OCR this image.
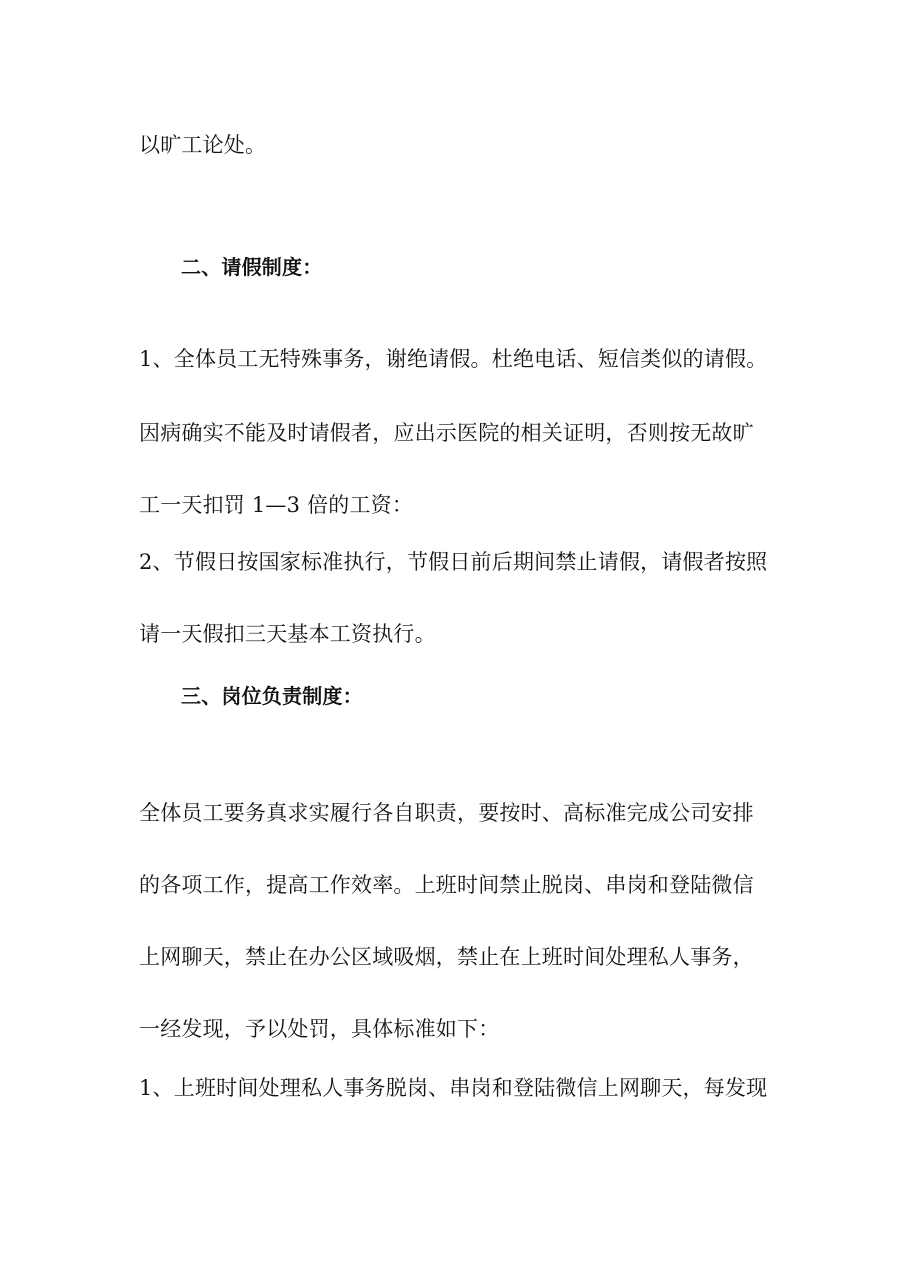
以旷工论处。
二、请假制度：
1、全体员工无特殊事务，谢绝请假。杜绝电话、短信类似的请假。
因病确实不能及时请假者，应出示医院的相关证明，否则按无故旷
工一天扣罚 1—3 倍的工资：
2、节假日按国家标准执行，节假日前后期间禁止请假，请假者按照
请一天假扣三天基本工资执行。
三、岗位负责制度：
全体员工要务真求实履行各自职责，要按时、高标准完成公司安排
的各项工作，提高工作效率。上班时间禁止脱岗、串岗和登陆微信
上网聊天，禁止在办公区域吸烟，禁止在上班时间处理私人事务，
一经发现，予以处罚，具体标准如下：
1、上班时间处理私人事务脱岗、串岗和登陆微信上网聊天，每发现
